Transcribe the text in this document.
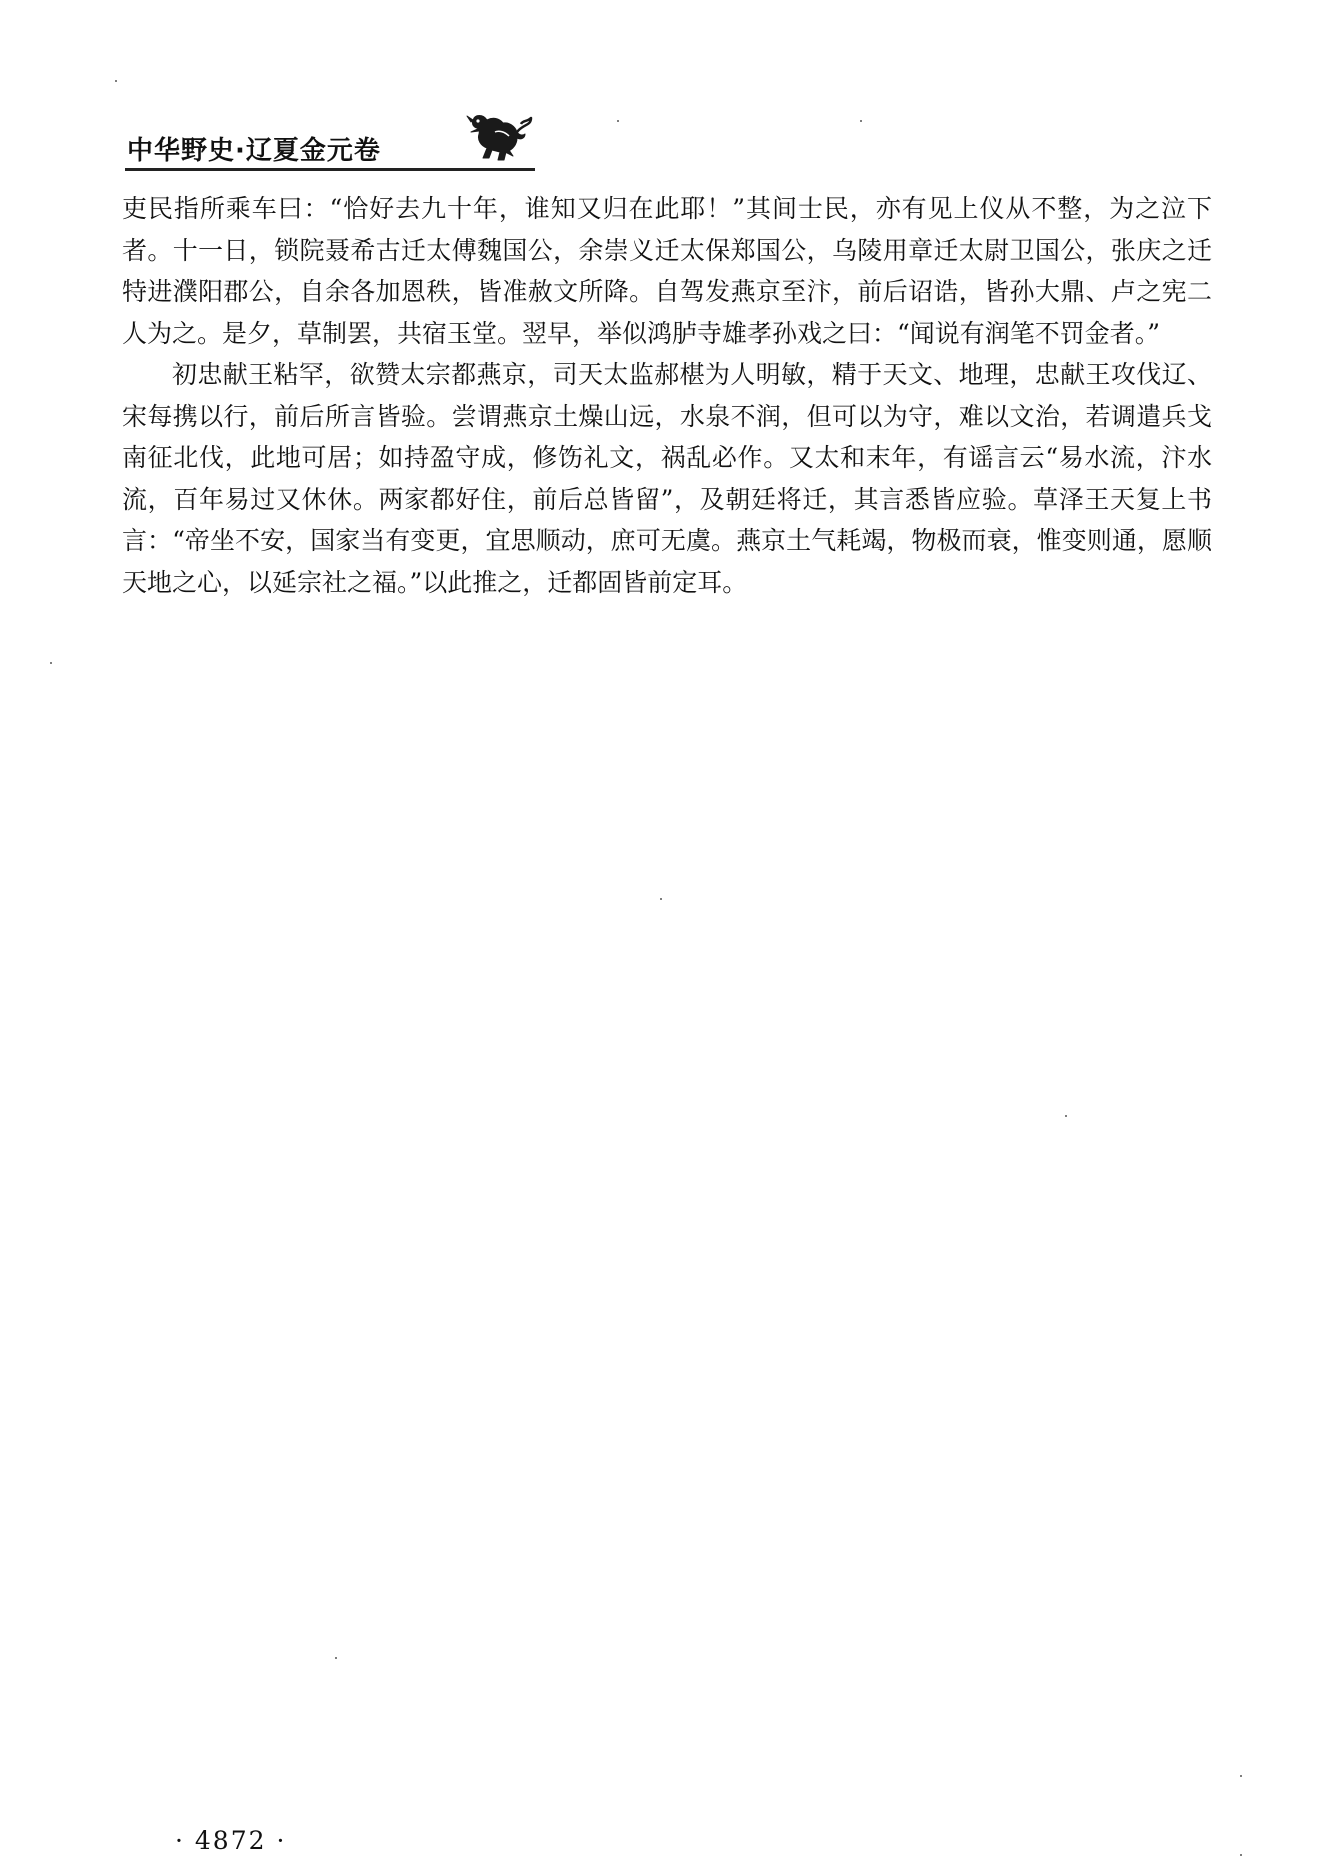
中华野史·辽夏金元卷

吏民指所乘车曰：“恰好去九十年，谁知又归在此耶！”其间士民，亦有见上仪从不整，为之泣下者。十一日，锁院聂希古迁太傅魏国公，余崇义迁太保郑国公，乌陵用章迁太尉卫国公，张庆之迁特进濮阳郡公，自余各加恩秩，皆准赦文所降。自驾发燕京至汴，前后诏诰，皆孙大鼎、卢之宪二人为之。是夕，草制罢，共宿玉堂。翌早，举似鸿胪寺雄孝孙戏之曰：“闻说有润笔不罚金者。”

初忠献王粘罕，欲赞太宗都燕京，司天太监郝椹为人明敏，精于天文、地理，忠献王攻伐辽、宋每携以行，前后所言皆验。尝谓燕京土燥山远，水泉不润，但可以为守，难以文治，若调遣兵戈南征北伐，此地可居；如持盈守成，修饬礼文，祸乱必作。又太和末年，有谣言云“易水流，汴水流，百年易过又休休。两家都好住，前后总皆留”，及朝廷将迁，其言悉皆应验。草泽王天复上书言：“帝坐不安，国家当有变更，宜思顺动，庶可无虞。燕京土气耗竭，物极而衰，惟变则通，愿顺天地之心，以延宗社之福。”以此推之，迁都固皆前定耳。

· 4872 ·
